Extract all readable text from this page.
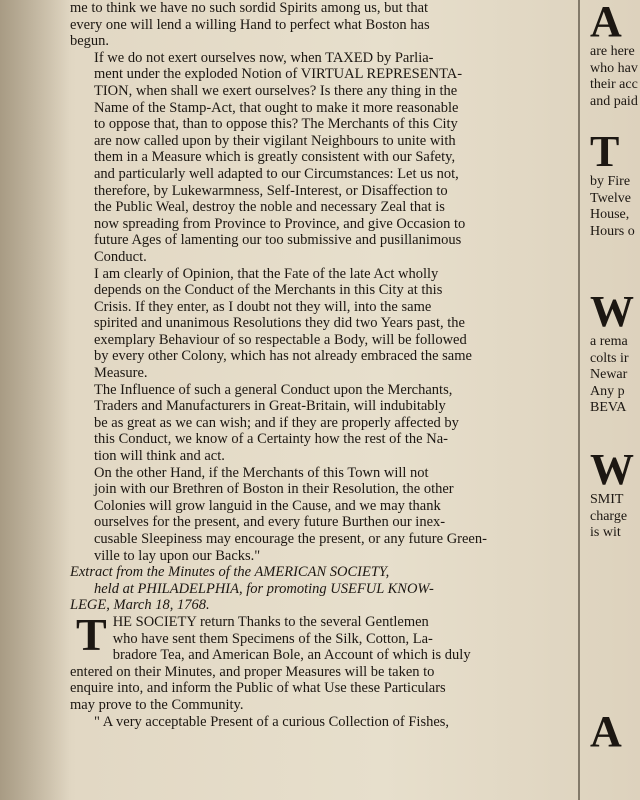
me to think we have no such sordid Spirits among us, but that
every one will lend a willing Hand to perfect what Boston has
begun.

If we do not exert ourselves now, when TAXED by Parlia-
ment under the exploded Notion of VIRTUAL REPRESENTA-
TION, when shall we exert ourselves? Is there any thing in the
Name of the Stamp-Act, that ought to make it more reasonable
to oppose that, than to oppose this? The Merchants of this City
are now called upon by their vigilant Neighbours to unite with
them in a Measure which is greatly consistent with our Safety,
and particularly well adapted to our Circumstances: Let us not,
therefore, by Lukewarmness, Self-Interest, or Disaffection to
the Public Weal, destroy the noble and necessary Zeal that is
now spreading from Province to Province, and give Occasion to
future Ages of lamenting our too submissive and pusillanimous
Conduct.

I am clearly of Opinion, that the Fate of the late Act wholly
depends on the Conduct of the Merchants in this City at this
Crisis. If they enter, as I doubt not they will, into the same
spirited and unanimous Resolutions they did two Years past, the
exemplary Behaviour of so respectable a Body, will be followed
by every other Colony, which has not already embraced the same
Measure.

The Influence of such a general Conduct upon the Merchants,
Traders and Manufacturers in Great-Britain, will indubitably
be as great as we can wish; and if they are properly affected by
this Conduct, we know of a Certainty how the rest of the Na-
tion will think and act.

On the other Hand, if the Merchants of this Town will not
join with our Brethren of Boston in their Resolution, the other
Colonies will grow languid in the Cause, and we may thank
ourselves for the present, and every future Burthen our inex-
cusable Sleepiness may encourage the present, or any future Green-
ville to lay upon our Backs."

Extract from the Minutes of the AMERICAN SOCIETY,
held at PHILADELPHIA, for promoting USEFUL KNOW-
LEGE, March 18, 1768.

T HE SOCIETY return Thanks to the several Gentlemen
who have sent them Specimens of the Silk, Cotton, La-
bradore Tea, and American Bole, an Account of which is duly
entered on their Minutes, and proper Measures will be taken to
enquire into, and inform the Public of what Use these Particulars
may prove to the Community.
" A very acceptable Present of a curious Collection of Fishes,

A
are here
who hav
their acc
and paid
T
by Fire
Twelve
House,
Hours o
W
a rema
colts ir
Newar
Any p
BEVA
W
SMIT
charge
is wit
A
